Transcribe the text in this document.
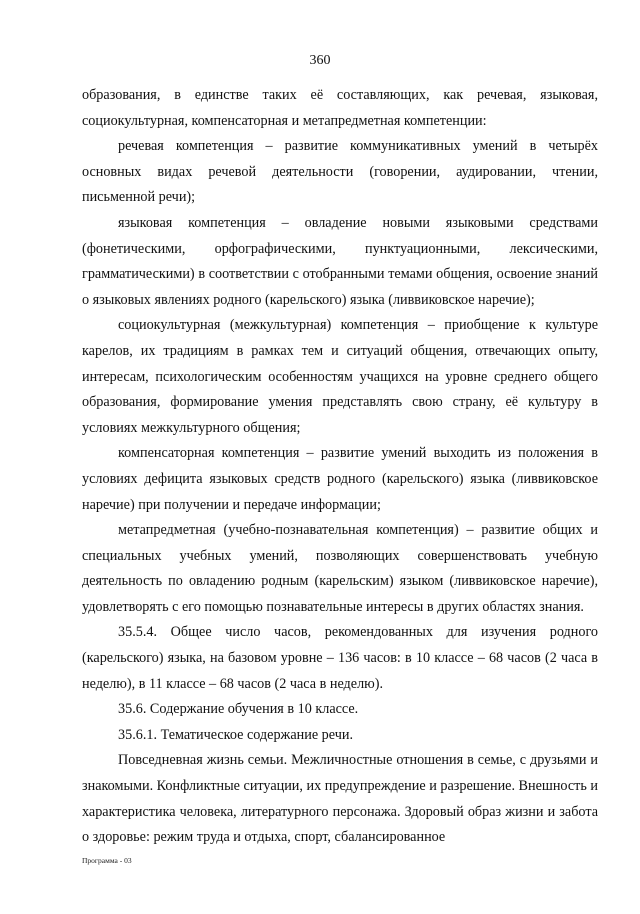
360

образования, в единстве таких её составляющих, как речевая, языковая, социокультурная, компенсаторная и метапредметная компетенции:

речевая компетенция – развитие коммуникативных умений в четырёх основных видах речевой деятельности (говорении, аудировании, чтении, письменной речи);

языковая компетенция – овладение новыми языковыми средствами (фонетическими, орфографическими, пунктуационными, лексическими, грамматическими) в соответствии с отобранными темами общения, освоение знаний о языковых явлениях родного (карельского) языка (ливвиковское наречие);

социокультурная (межкультурная) компетенция – приобщение к культуре карелов, их традициям в рамках тем и ситуаций общения, отвечающих опыту, интересам, психологическим особенностям учащихся на уровне среднего общего образования, формирование умения представлять свою страну, её культуру в условиях межкультурного общения;

компенсаторная компетенция – развитие умений выходить из положения в условиях дефицита языковых средств родного (карельского) языка (ливвиковское наречие) при получении и передаче информации;

метапредметная (учебно-познавательная компетенция) – развитие общих и специальных учебных умений, позволяющих совершенствовать учебную деятельность по овладению родным (карельским) языком (ливвиковское наречие), удовлетворять с его помощью познавательные интересы в других областях знания.

35.5.4. Общее число часов, рекомендованных для изучения родного (карельского) языка, на базовом уровне – 136 часов: в 10 классе – 68 часов (2 часа в неделю), в 11 классе – 68 часов (2 часа в неделю).

35.6. Содержание обучения в 10 классе.

35.6.1. Тематическое содержание речи.

Повседневная жизнь семьи. Межличностные отношения в семье, с друзьями и знакомыми. Конфликтные ситуации, их предупреждение и разрешение. Внешность и характеристика человека, литературного персонажа. Здоровый образ жизни и забота о здоровье: режим труда и отдыха, спорт, сбалансированное

Программа - 03
